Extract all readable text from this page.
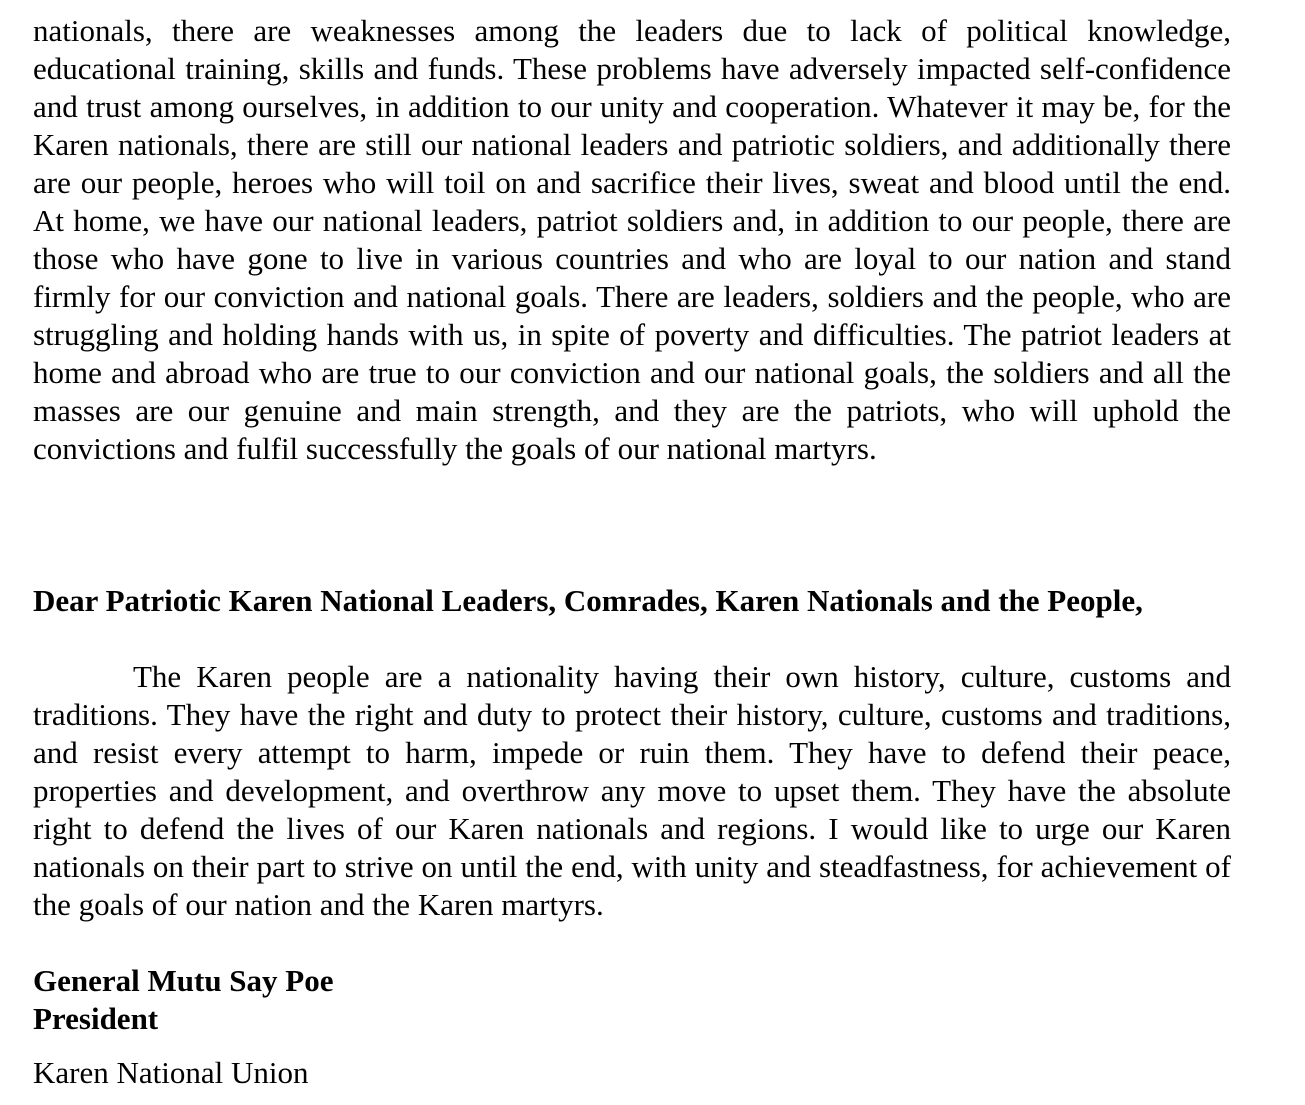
nationals, there are weaknesses among the leaders due to lack of political knowledge, educational training, skills and funds. These problems have adversely impacted self-confidence and trust among ourselves, in addition to our unity and cooperation. Whatever it may be, for the Karen nationals, there are still our national leaders and patriotic soldiers, and additionally there are our people, heroes who will toil on and sacrifice their lives, sweat and blood until the end. At home, we have our national leaders, patriot soldiers and, in addition to our people, there are those who have gone to live in various countries and who are loyal to our nation and stand firmly for our conviction and national goals. There are leaders, soldiers and the people, who are struggling and holding hands with us, in spite of poverty and difficulties. The patriot leaders at home and abroad who are true to our conviction and our national goals, the soldiers and all the masses are our genuine and main strength, and they are the patriots, who will uphold the convictions and fulfil successfully the goals of our national martyrs.

Dear Patriotic Karen National Leaders, Comrades, Karen Nationals and the People,

The Karen people are a nationality having their own history, culture, customs and traditions. They have the right and duty to protect their history, culture, customs and traditions, and resist every attempt to harm, impede or ruin them. They have to defend their peace, properties and development, and overthrow any move to upset them. They have the absolute right to defend the lives of our Karen nationals and regions. I would like to urge our Karen nationals on their part to strive on until the end, with unity and steadfastness, for achievement of the goals of our nation and the Karen martyrs.

General Mutu Say Poe

President

Karen National Union
